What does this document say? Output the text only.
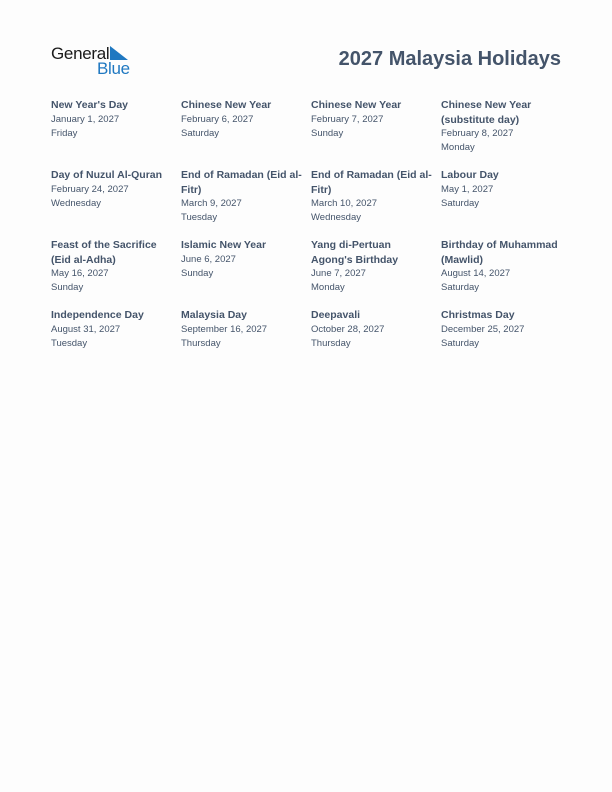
General
Blue	2027 Malaysia Holidays
New Year's Day
January 1, 2027
Friday
Chinese New Year
February 6, 2027
Saturday
Chinese New Year
February 7, 2027
Sunday
Chinese New Year (substitute day)
February 8, 2027
Monday
Day of Nuzul Al-Quran
February 24, 2027
Wednesday
End of Ramadan (Eid al-Fitr)
March 9, 2027
Tuesday
End of Ramadan (Eid al-Fitr)
March 10, 2027
Wednesday
Labour Day
May 1, 2027
Saturday
Feast of the Sacrifice (Eid al-Adha)
May 16, 2027
Sunday
Islamic New Year
June 6, 2027
Sunday
Yang di-Pertuan Agong's Birthday
June 7, 2027
Monday
Birthday of Muhammad (Mawlid)
August 14, 2027
Saturday
Independence Day
August 31, 2027
Tuesday
Malaysia Day
September 16, 2027
Thursday
Deepavali
October 28, 2027
Thursday
Christmas Day
December 25, 2027
Saturday
